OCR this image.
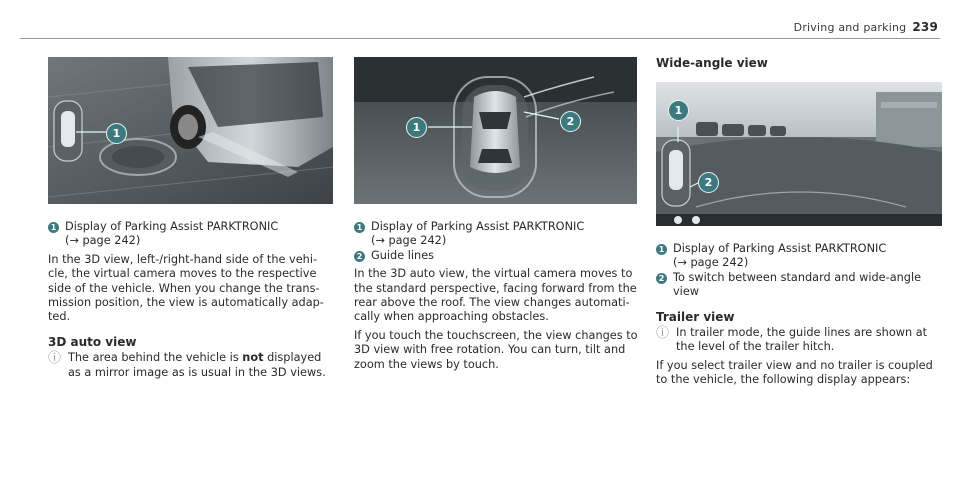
Driving and parking 239
1	1	2
1
2
Wide-angle view
1 Display of Parking Assist PARKTRONIC
(→ page 242)

In the 3D view, left-/right-hand side of the vehi-cle, the virtual camera moves to the respective side of the vehicle. When you change the trans-mission position, the view is automatically adap-ted.

3D auto view
ⓘ The area behind the vehicle is not displayed as a mirror image as is usual in the 3D views.
1 Display of Parking Assist PARKTRONIC
(→ page 242)
2 Guide lines

In the 3D auto view, the virtual camera moves to the standard perspective, facing forward from the rear above the roof. The view changes automati-cally when approaching obstacles.

If you touch the touchscreen, the view changes to 3D view with free rotation. You can turn, tilt and zoom the views by touch.

1 Display of Parking Assist PARKTRONIC
(→ page 242)
2 To switch between standard and wide-angle view
Trailer view
ⓘ In trailer mode, the guide lines are shown at the level of the trailer hitch.

If you select trailer view and no trailer is coupled to the vehicle, the following display appears:
